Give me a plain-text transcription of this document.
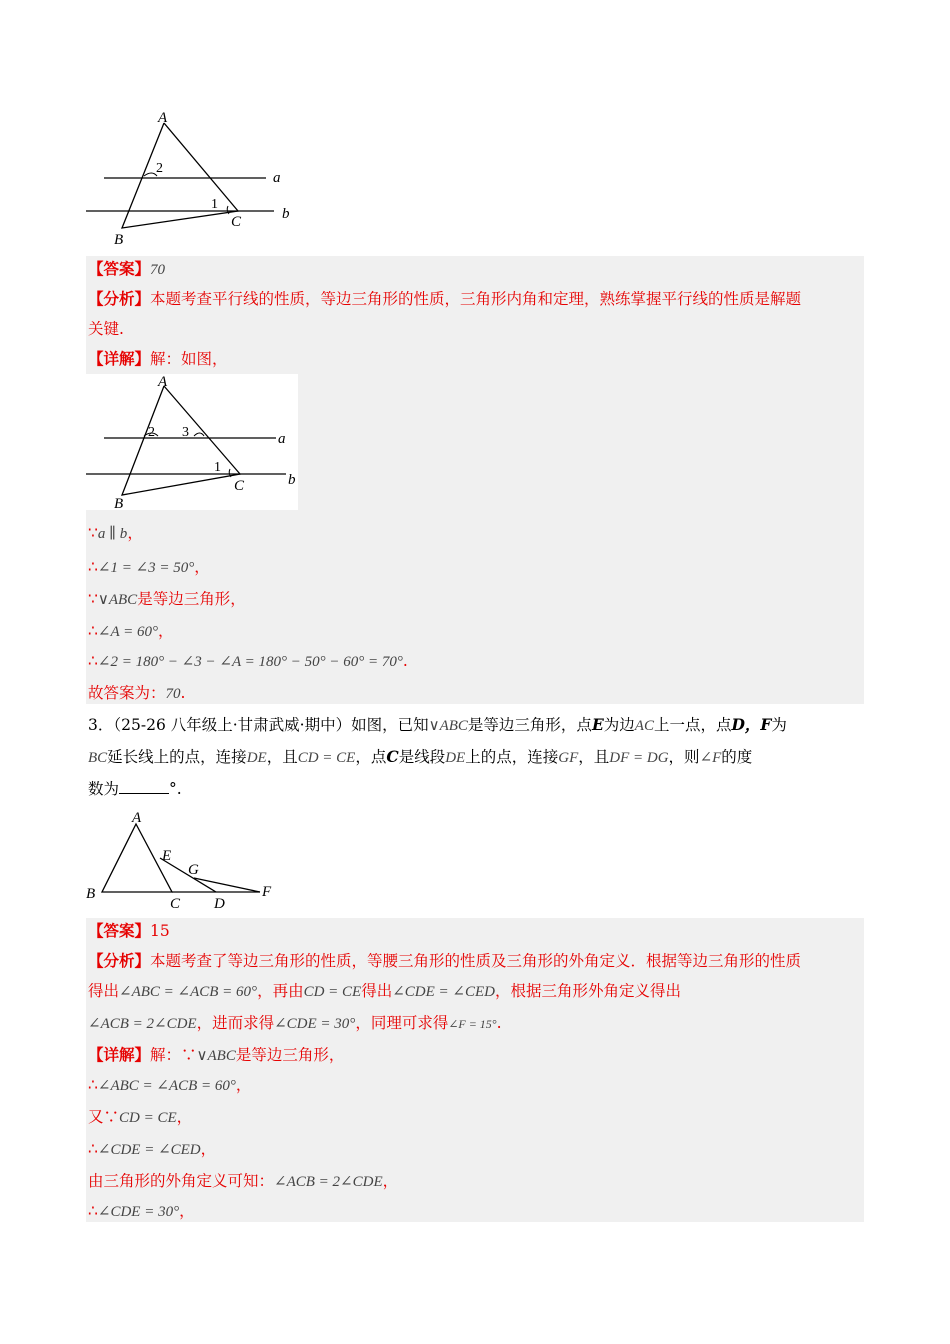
A
B
C
a
b
1
2
【答案】70
【分析】本题考查平行线的性质，等边三角形的性质，三角形内角和定理，熟练掌握平行线的性质是解题
关键.
【详解】解：如图，
A
B
C
a
b
1
2 3
∵a ∥ b，
∴∠1 = ∠3 = 50°，
∵∨ABC是等边三角形，
∴∠A = 60°，
∴∠2 = 180° − ∠3 − ∠A = 180° − 50° − 60° = 70°.
故答案为：70.
3．（25-26 八年级上·甘肃武威·期中）如图，已知∨ABC是等边三角形，点E为边AC上一点，点D，F为
BC延长线上的点，连接DE，且CD = CE，点C是线段DE上的点，连接GF，且DF = DG，则∠F的度
数为	°.
A
B
C D
E
F
G
【答案】15
【分析】本题考查了等边三角形的性质，等腰三角形的性质及三角形的外角定义．根据等边三角形的性质
得出∠ABC = ∠ACB = 60°，再由CD = CE得出∠CDE = ∠CED，根据三角形外角定义得出
∠ACB = 2∠CDE，进而求得∠CDE = 30°，同理可求得∠F = 15°.
【详解】解：∵∨ABC是等边三角形，
∴∠ABC = ∠ACB = 60°，
又∵CD = CE，
∴∠CDE = ∠CED，
由三角形的外角定义可知：∠ACB = 2∠CDE，
∴∠CDE = 30°，
